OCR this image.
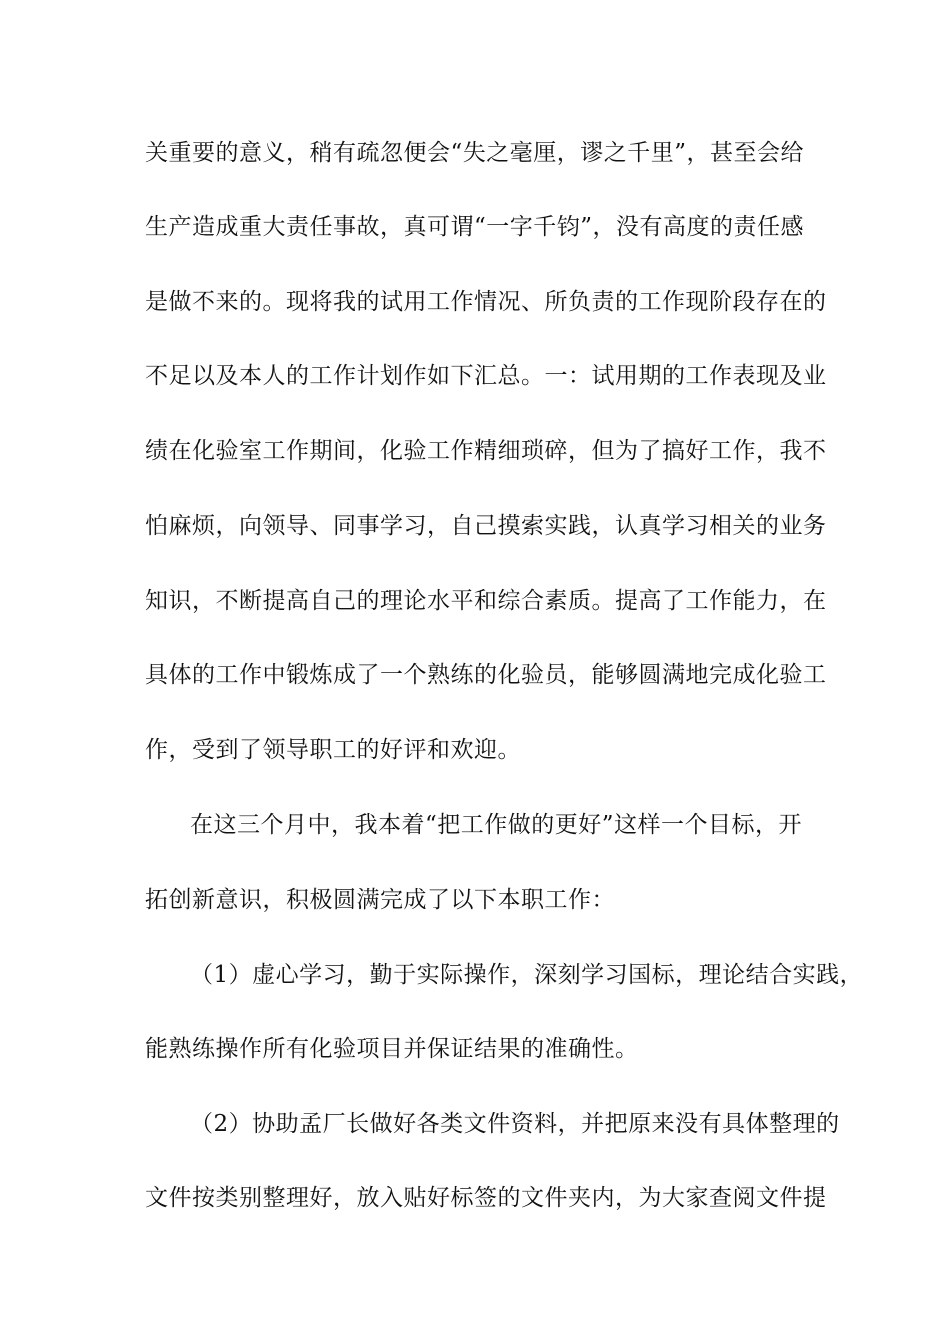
关重要的意义，稍有疏忽便会“失之毫厘，谬之千里”，甚至会给
生产造成重大责任事故，真可谓“一字千钧”，没有高度的责任感
是做不来的。现将我的试用工作情况、所负责的工作现阶段存在的
不足以及本人的工作计划作如下汇总。一：试用期的工作表现及业
绩在化验室工作期间，化验工作精细琐碎，但为了搞好工作，我不
怕麻烦，向领导、同事学习，自己摸索实践，认真学习相关的业务
知识，不断提高自己的理论水平和综合素质。提高了工作能力，在
具体的工作中锻炼成了一个熟练的化验员，能够圆满地完成化验工
作，受到了领导职工的好评和欢迎。
在这三个月中，我本着“把工作做的更好”这样一个目标，开
拓创新意识，积极圆满完成了以下本职工作：
（1）虚心学习，勤于实际操作，深刻学习国标，理论结合实践，
能熟练操作所有化验项目并保证结果的准确性。
（2）协助孟厂长做好各类文件资料，并把原来没有具体整理的
文件按类别整理好，放入贴好标签的文件夹内，为大家查阅文件提
